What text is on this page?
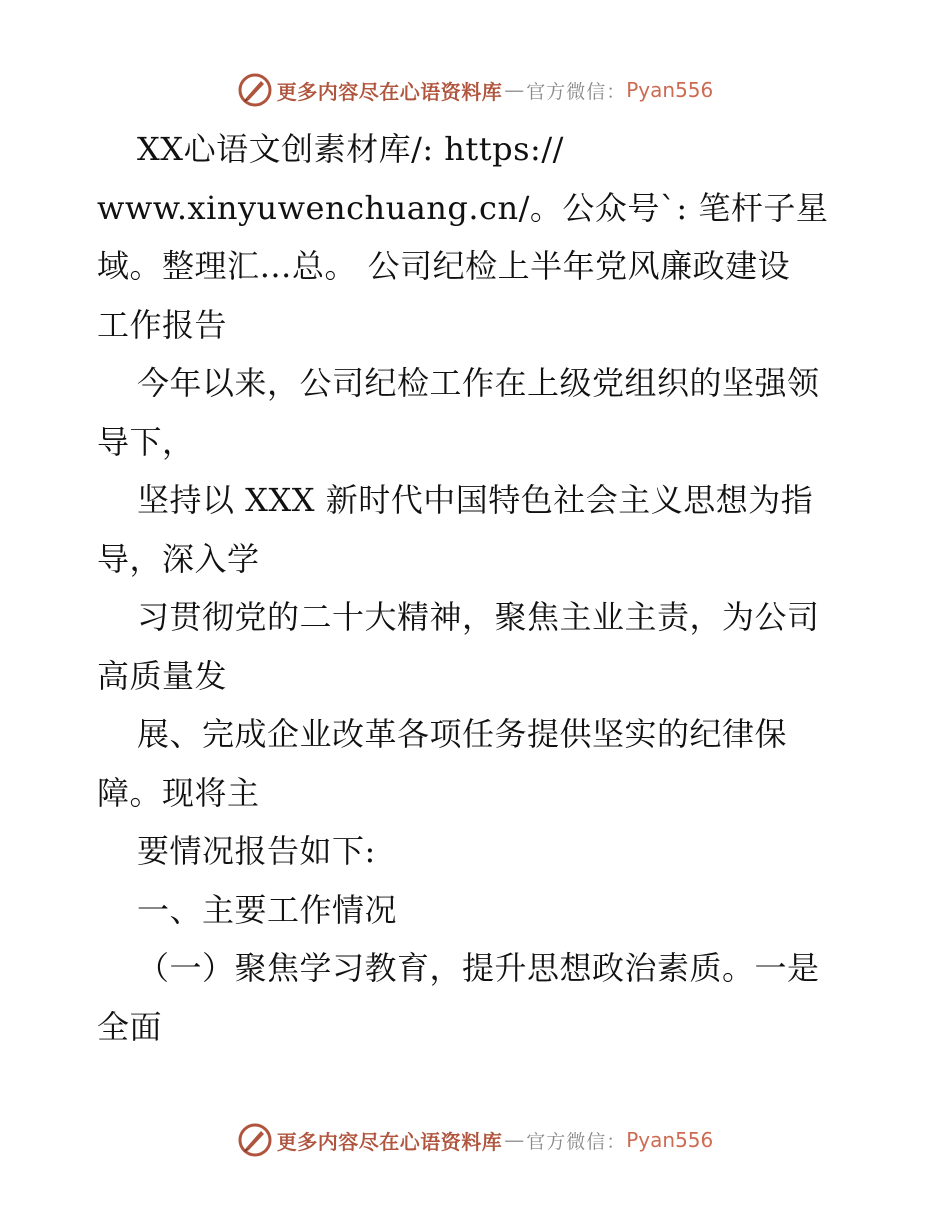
更多内容尽在心语资料库 — 官方微信： Pyan556
XX心语文创素材库/: https://
www.xinyuwenchuang.cn/。公众号`: 笔杆子星
域。整理汇…总。 公司纪检上半年党风廉政建设
工作报告
今年以来，公司纪检工作在上级党组织的坚强领
导下，
坚持以 XXX 新时代中国特色社会主义思想为指
导，深入学
习贯彻党的二十大精神，聚焦主业主责，为公司
高质量发
展、完成企业改革各项任务提供坚实的纪律保
障。现将主
要情况报告如下:
一、主要工作情况
（一）聚焦学习教育，提升思想政治素质。一是
全面
更多内容尽在心语资料库 — 官方微信： Pyan556
